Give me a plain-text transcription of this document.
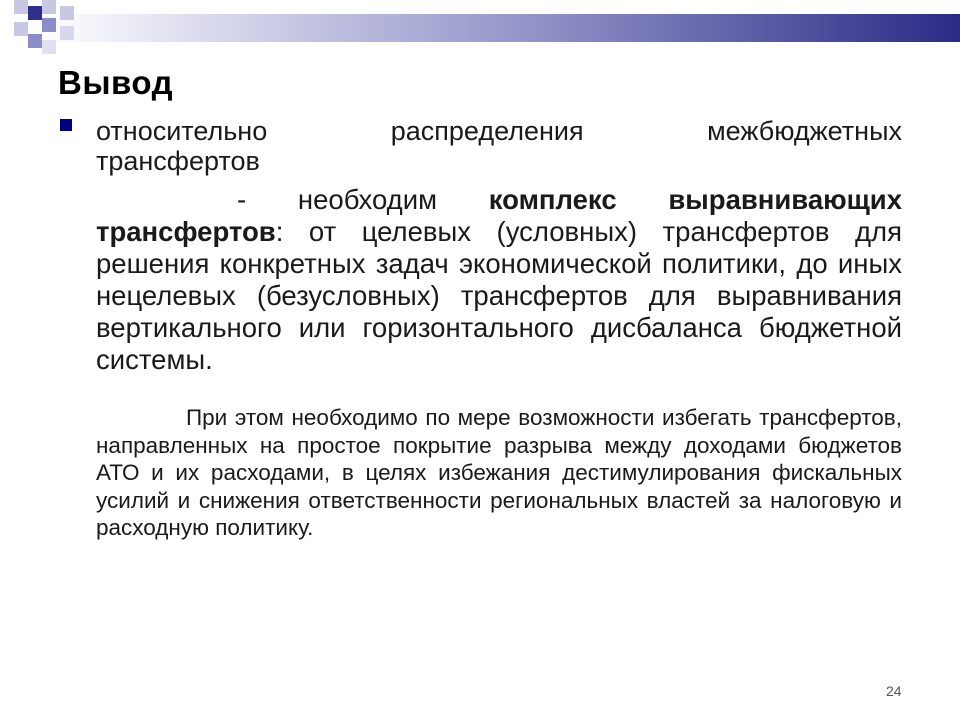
Вывод
относительно	распределения	межбюджетных
трансфертов
- необходим комплекс выравнивающих трансфертов: от целевых (условных) трансфертов для решения конкретных задач экономической политики, до иных нецелевых (безусловных) трансфертов для выравнивания вертикального или горизонтального дисбаланса бюджетной системы.
При этом необходимо по мере возможности избегать трансфертов, направленных на простое покрытие разрыва между доходами бюджетов АТО и их расходами, в целях избежания дестимулирования фискальных усилий и снижения ответственности региональных властей за налоговую и расходную политику.
24
